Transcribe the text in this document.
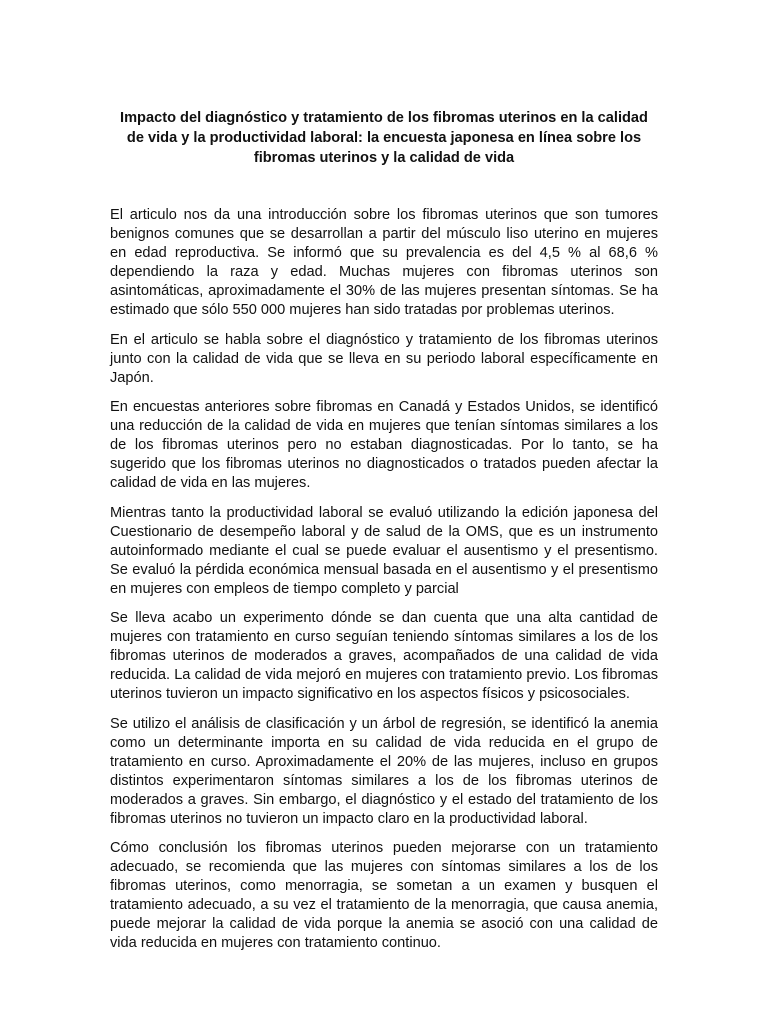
Impacto del diagnóstico y tratamiento de los fibromas uterinos en la calidad de vida y la productividad laboral: la encuesta japonesa en línea sobre los fibromas uterinos y la calidad de vida

El articulo nos da una introducción sobre los fibromas uterinos que son tumores benignos comunes que se desarrollan a partir del músculo liso uterino en mujeres en edad reproductiva. Se informó que su prevalencia es del 4,5 % al 68,6 % dependiendo la raza y edad. Muchas mujeres con fibromas uterinos son asintomáticas, aproximadamente el 30% de las mujeres presentan síntomas. Se ha estimado que sólo 550 000 mujeres han sido tratadas por problemas uterinos.

En el articulo se habla sobre el diagnóstico y tratamiento de los fibromas uterinos junto con la calidad de vida que se lleva en su periodo laboral específicamente en Japón.

En encuestas anteriores sobre fibromas en Canadá y Estados Unidos, se identificó una reducción de la calidad de vida en mujeres que tenían síntomas similares a los de los fibromas uterinos pero no estaban diagnosticadas. Por lo tanto, se ha sugerido que los fibromas uterinos no diagnosticados o tratados pueden afectar la calidad de vida en las mujeres.

Mientras tanto la productividad laboral se evaluó utilizando la edición japonesa del Cuestionario de desempeño laboral y de salud de la OMS, que es un instrumento autoinformado mediante el cual se puede evaluar el ausentismo y el presentismo. Se evaluó la pérdida económica mensual basada en el ausentismo y el presentismo en mujeres con empleos de tiempo completo y parcial

Se lleva acabo un experimento dónde se dan cuenta que una alta cantidad de mujeres con tratamiento en curso seguían teniendo síntomas similares a los de los fibromas uterinos de moderados a graves, acompañados de una calidad de vida reducida. La calidad de vida mejoró en mujeres con tratamiento previo. Los fibromas uterinos tuvieron un impacto significativo en los aspectos físicos y psicosociales.

Se utilizo el análisis de clasificación y un árbol de regresión, se identificó la anemia como un determinante importa en su calidad de vida reducida en el grupo de tratamiento en curso. Aproximadamente el 20% de las mujeres, incluso en grupos distintos experimentaron síntomas similares a los de los fibromas uterinos de moderados a graves. Sin embargo, el diagnóstico y el estado del tratamiento de los fibromas uterinos no tuvieron un impacto claro en la productividad laboral.

Cómo conclusión los fibromas uterinos pueden mejorarse con un tratamiento adecuado, se recomienda que las mujeres con síntomas similares a los de los fibromas uterinos, como menorragia, se sometan a un examen y busquen el tratamiento adecuado, a su vez el tratamiento de la menorragia, que causa anemia, puede mejorar la calidad de vida porque la anemia se asoció con una calidad de vida reducida en mujeres con tratamiento continuo.
